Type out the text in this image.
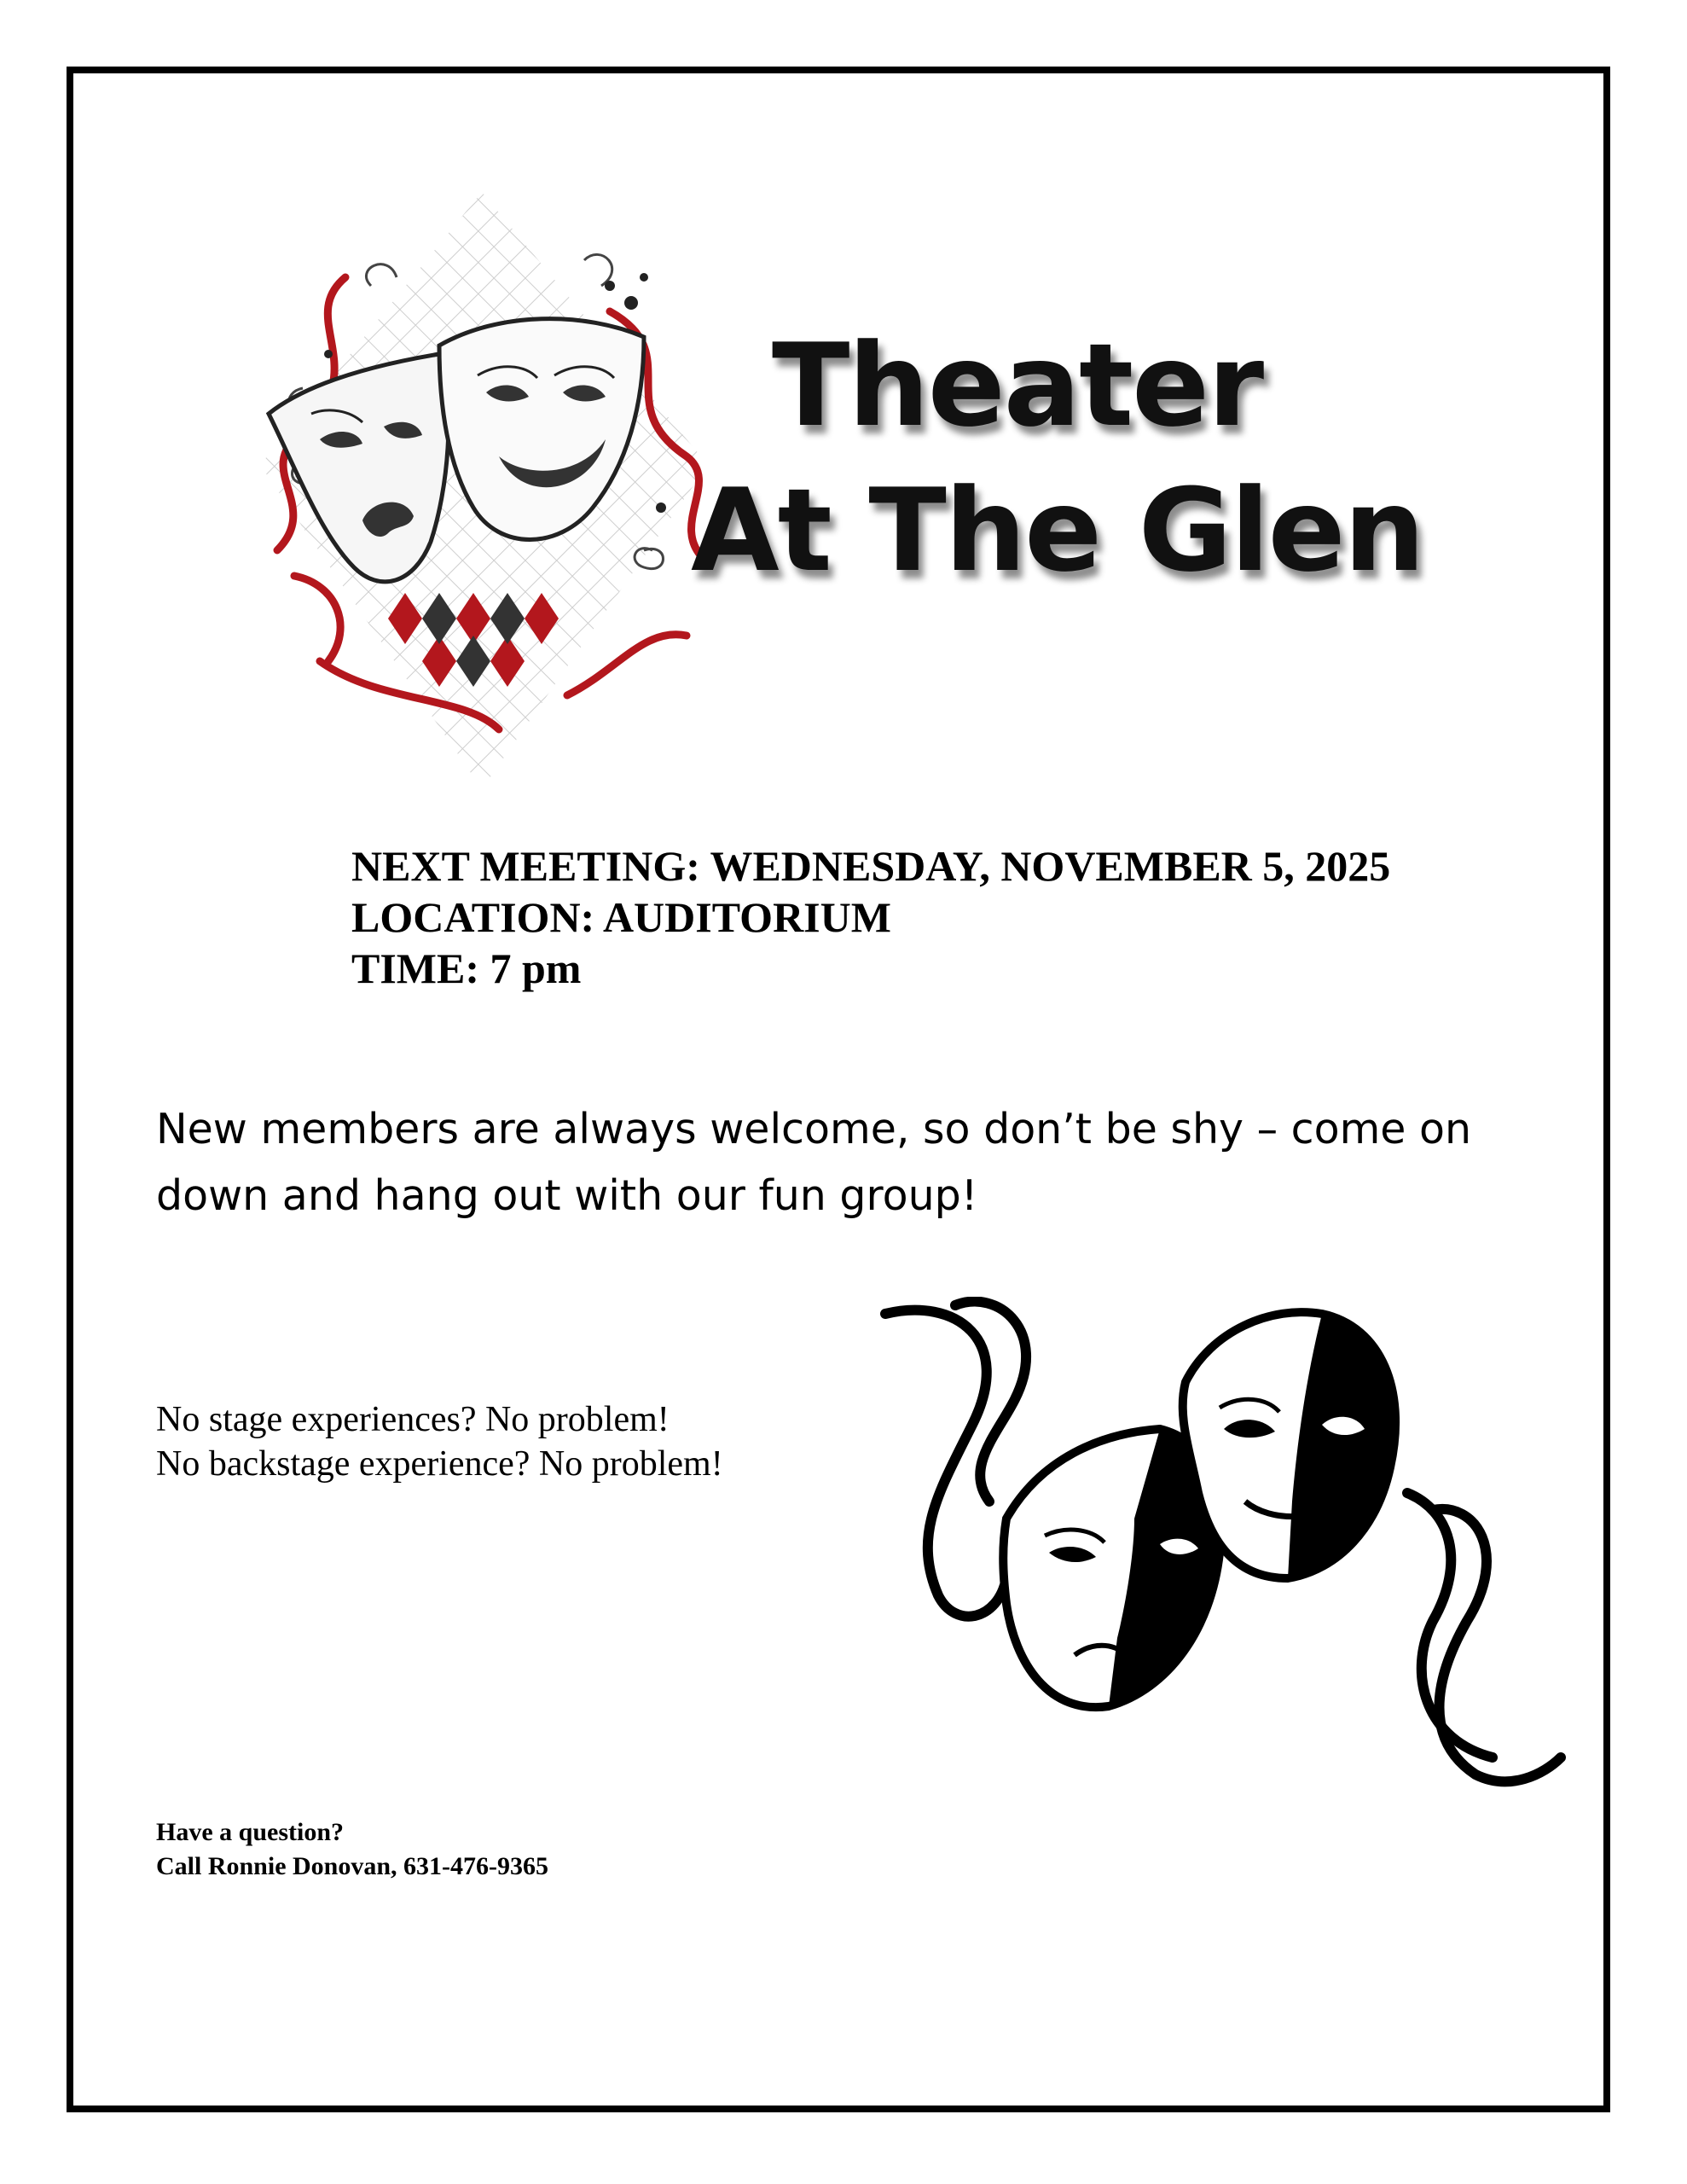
Theater
At The Glen
NEXT MEETING: WEDNESDAY, NOVEMBER 5, 2025
LOCATION: AUDITORIUM
TIME: 7 pm
New members are always welcome, so don’t be shy – come on down and hang out with our fun group!
No stage experiences? No problem!
No backstage experience? No problem!
Have a question?
Call Ronnie Donovan, 631-476-9365
